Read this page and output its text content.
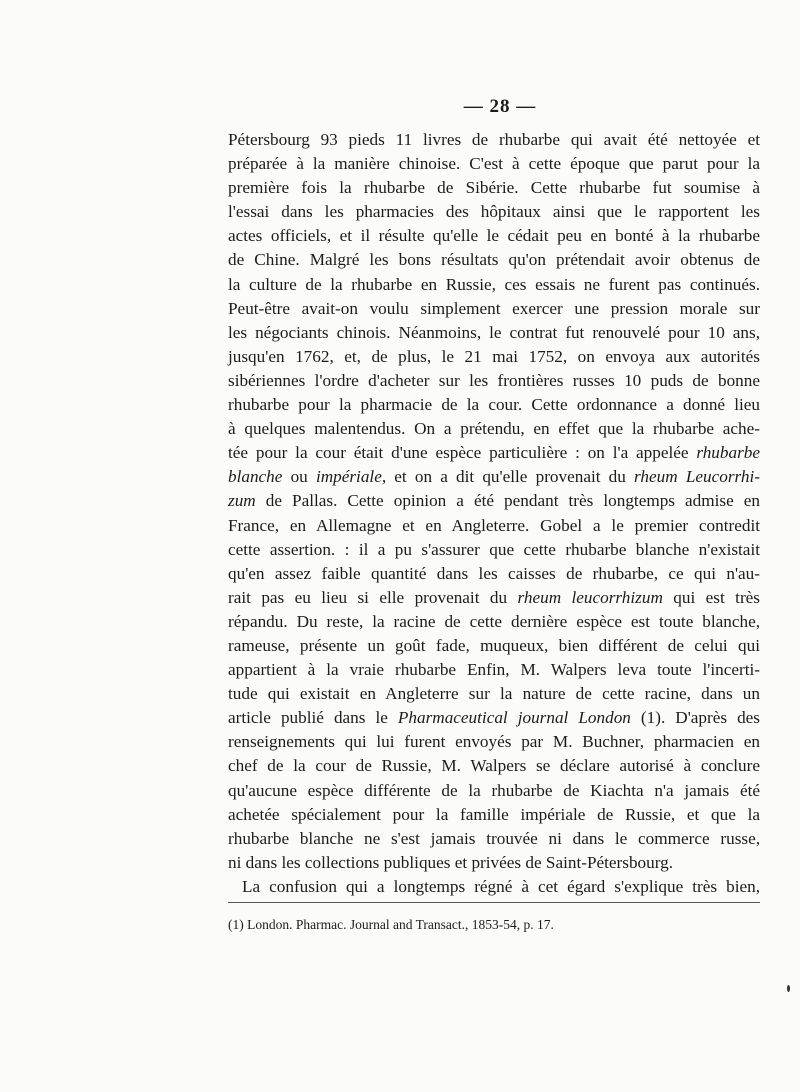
— 28 —
Pétersbourg 93 pieds 11 livres de rhubarbe qui avait été nettoyée et
préparée à la manière chinoise. C'est à cette époque que parut pour la
première fois la rhubarbe de Sibérie. Cette rhubarbe fut soumise à
l'essai dans les pharmacies des hôpitaux ainsi que le rapportent les
actes officiels, et il résulte qu'elle le cédait peu en bonté à la rhubarbe
de Chine. Malgré les bons résultats qu'on prétendait avoir obtenus de
la culture de la rhubarbe en Russie, ces essais ne furent pas continués.
Peut-être avait-on voulu simplement exercer une pression morale sur
les négociants chinois. Néanmoins, le contrat fut renouvelé pour 10 ans,
jusqu'en 1762, et, de plus, le 21 mai 1752, on envoya aux autorités
sibériennes l'ordre d'acheter sur les frontières russes 10 puds de bonne
rhubarbe pour la pharmacie de la cour. Cette ordonnance a donné lieu
à quelques malentendus. On a prétendu, en effet que la rhubarbe ache-
tée pour la cour était d'une espèce particulière : on l'a appelée rhubarbe
blanche ou impériale, et on a dit qu'elle provenait du rheum Leucorrhi-
zum de Pallas. Cette opinion a été pendant très longtemps admise en
France, en Allemagne et en Angleterre. Gobel a le premier contredit
cette assertion. : il a pu s'assurer que cette rhubarbe blanche n'existait
qu'en assez faible quantité dans les caisses de rhubarbe, ce qui n'au-
rait pas eu lieu si elle provenait du rheum leucorrhizum qui est très
répandu. Du reste, la racine de cette dernière espèce est toute blanche,
rameuse, présente un goût fade, muqueux, bien différent de celui qui
appartient à la vraie rhubarbe Enfin, M. Walpers leva toute l'incerti-
tude qui existait en Angleterre sur la nature de cette racine, dans un
article publié dans le Pharmaceutical journal London (1). D'après des
renseignements qui lui furent envoyés par M. Buchner, pharmacien en
chef de la cour de Russie, M. Walpers se déclare autorisé à conclure
qu'aucune espèce différente de la rhubarbe de Kiachta n'a jamais été
achetée spécialement pour la famille impériale de Russie, et que la
rhubarbe blanche ne s'est jamais trouvée ni dans le commerce russe,
ni dans les collections publiques et privées de Saint-Pétersbourg.
La confusion qui a longtemps régné à cet égard s'explique très bien,
(1) London. Pharmac. Journal and Transact., 1853-54, p. 17.
